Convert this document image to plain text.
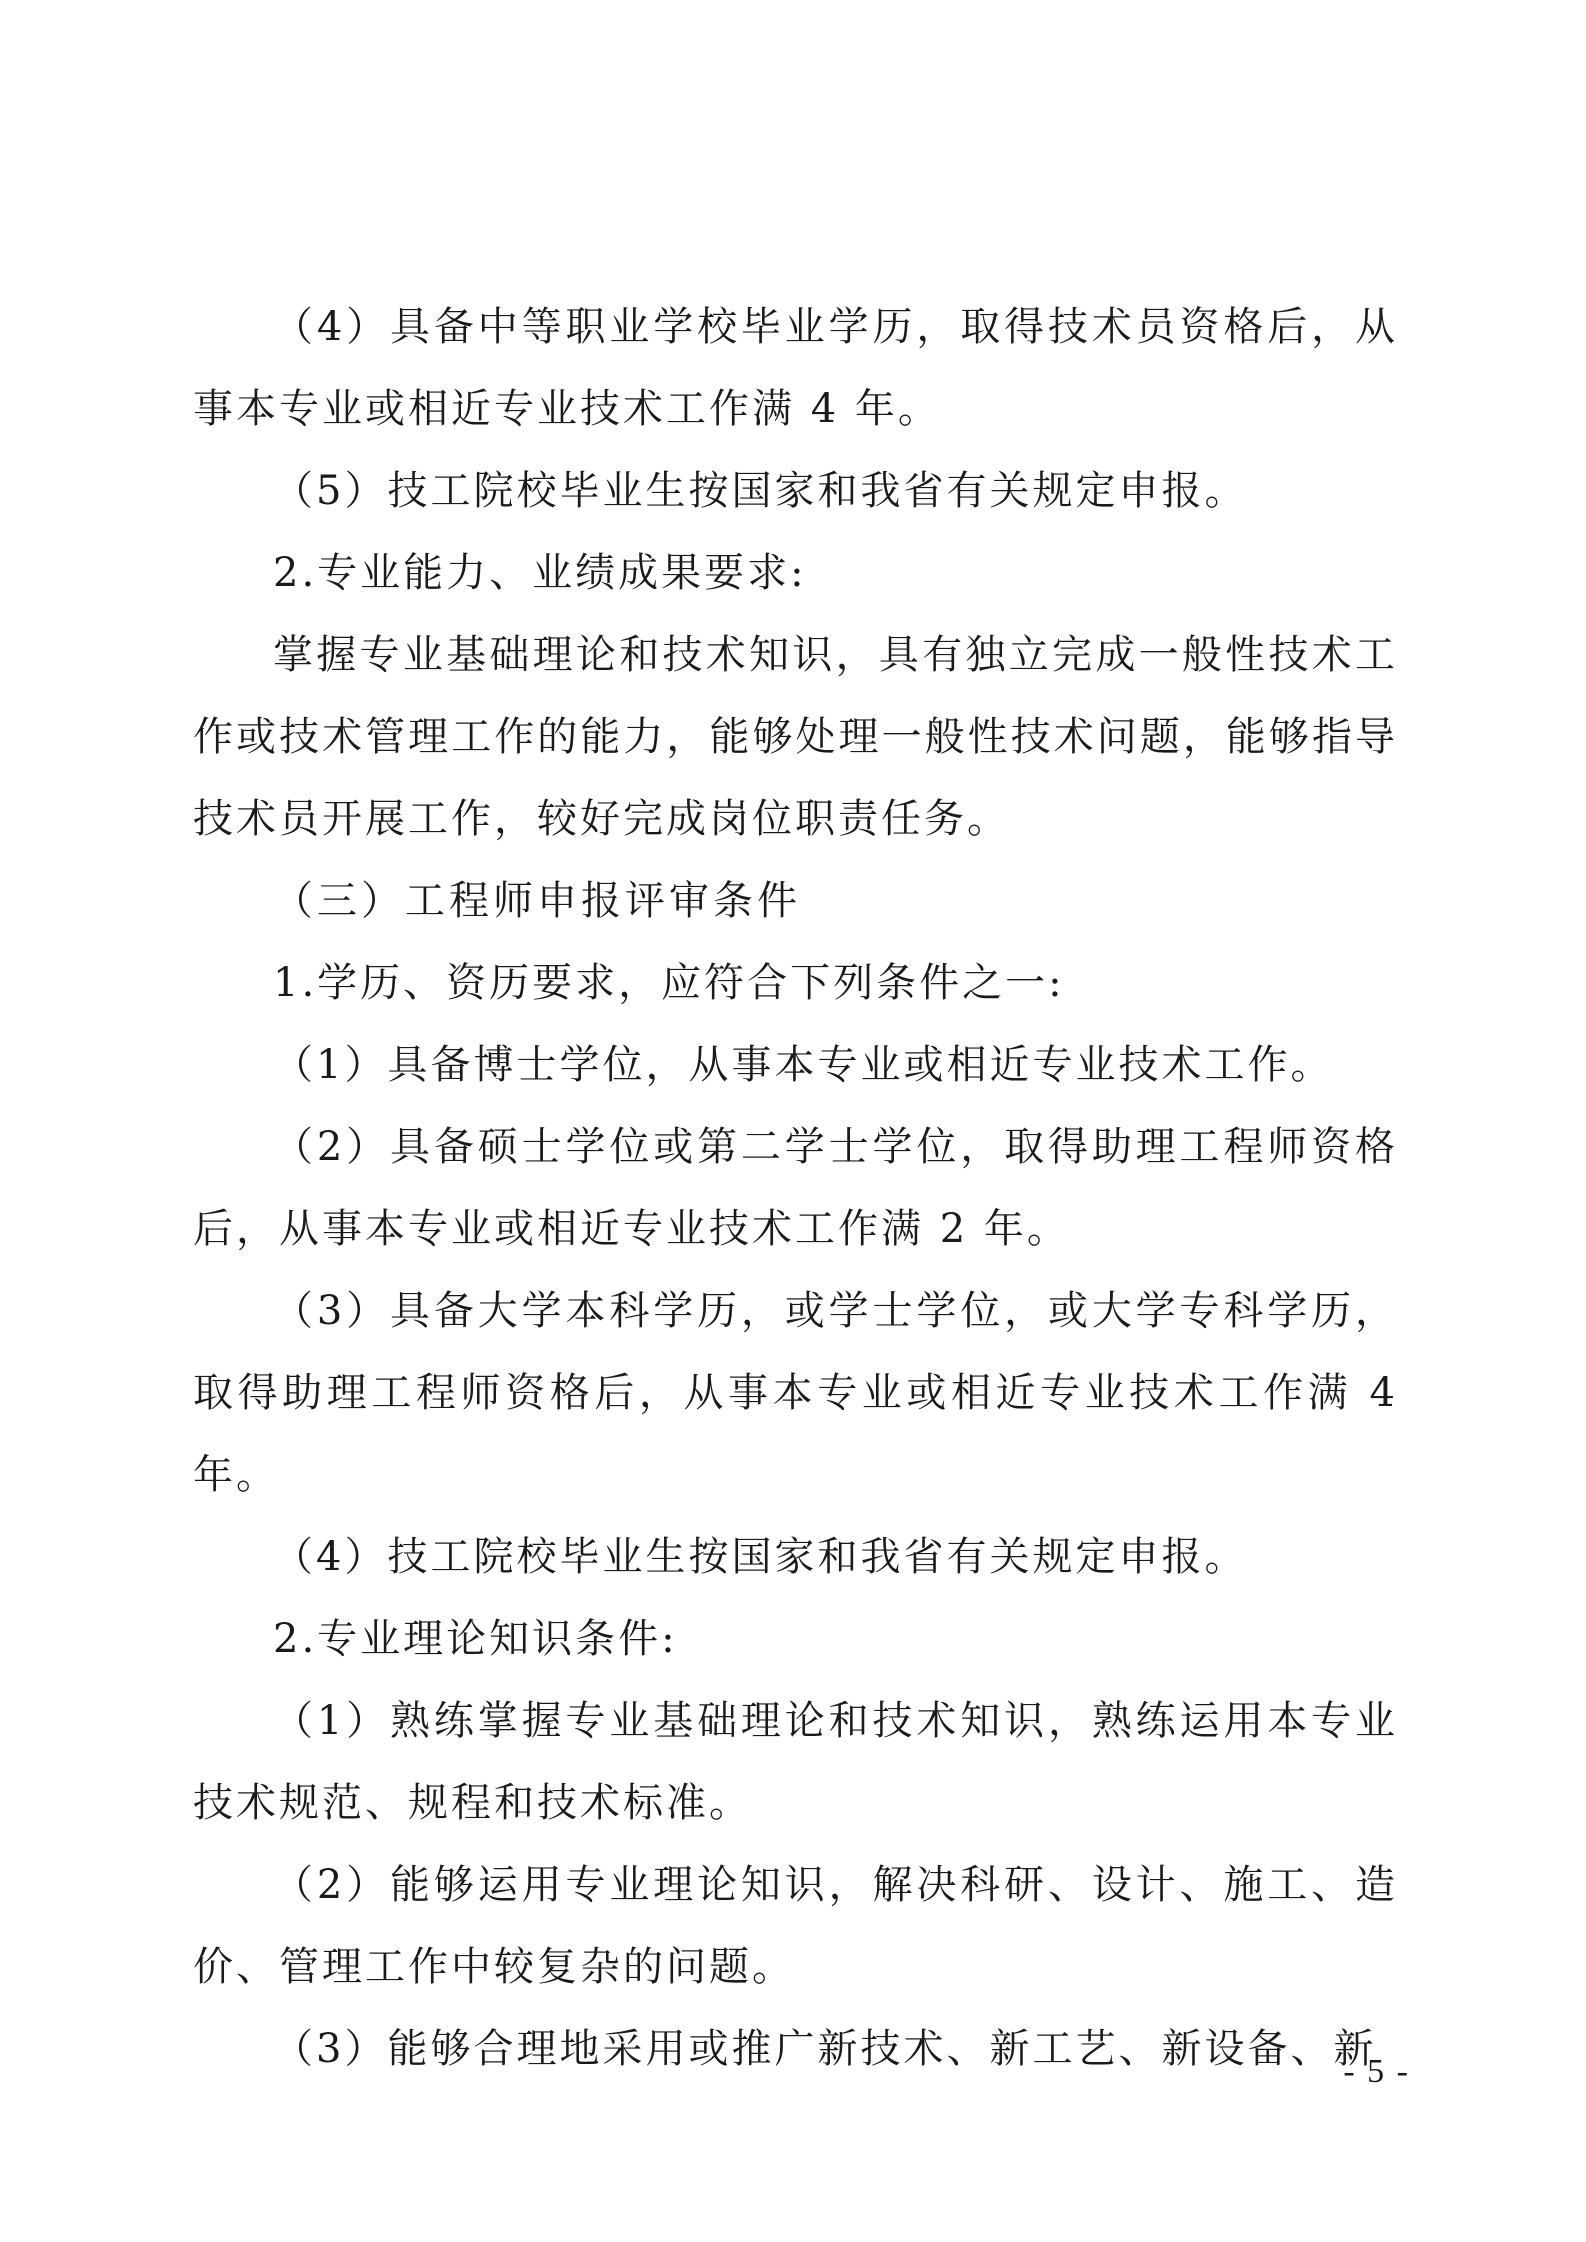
（4）具备中等职业学校毕业学历，取得技术员资格后，从事本专业或相近专业技术工作满 4 年。

（5）技工院校毕业生按国家和我省有关规定申报。

2.专业能力、业绩成果要求:

掌握专业基础理论和技术知识，具有独立完成一般性技术工作或技术管理工作的能力，能够处理一般性技术问题，能够指导技术员开展工作，较好完成岗位职责任务。

（三）工程师申报评审条件

1.学历、资历要求，应符合下列条件之一:

（1）具备博士学位，从事本专业或相近专业技术工作。

（2）具备硕士学位或第二学士学位，取得助理工程师资格后，从事本专业或相近专业技术工作满 2 年。

（3）具备大学本科学历，或学士学位，或大学专科学历，取得助理工程师资格后，从事本专业或相近专业技术工作满 4 年。

（4）技工院校毕业生按国家和我省有关规定申报。

2.专业理论知识条件:

（1）熟练掌握专业基础理论和技术知识，熟练运用本专业技术规范、规程和技术标准。

（2）能够运用专业理论知识，解决科研、设计、施工、造价、管理工作中较复杂的问题。

（3）能够合理地采用或推广新技术、新工艺、新设备、新

- 5 -
